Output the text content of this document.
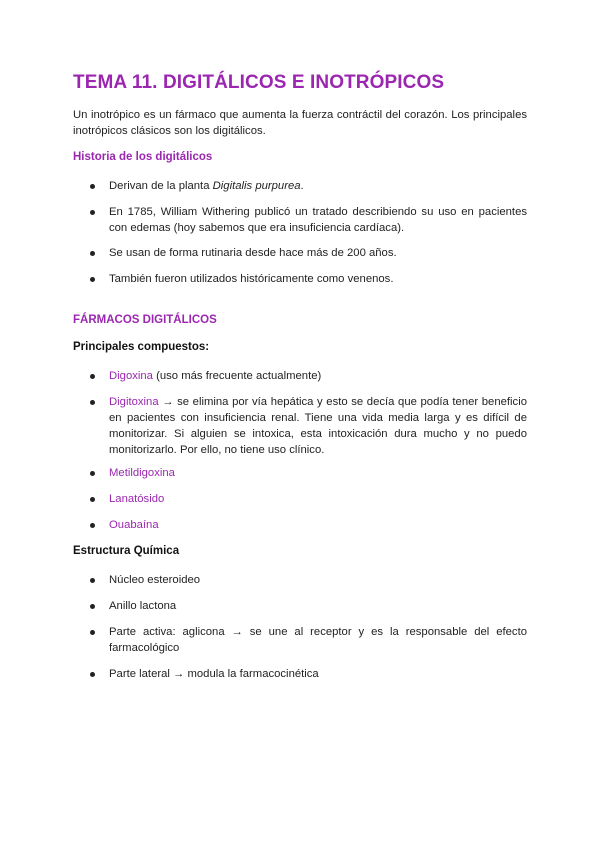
TEMA 11. DIGITÁLICOS E INOTRÓPICOS

Un inotrópico es un fármaco que aumenta la fuerza contráctil del corazón. Los principales inotrópicos clásicos son los digitálicos.

Historia de los digitálicos

Derivan de la planta Digitalis purpurea.

En 1785, William Withering publicó un tratado describiendo su uso en pacientes con edemas (hoy sabemos que era insuficiencia cardíaca).

Se usan de forma rutinaria desde hace más de 200 años.

También fueron utilizados históricamente como venenos.

FÁRMACOS DIGITÁLICOS
Principales compuestos:

Digoxina (uso más frecuente actualmente)

Digitoxina → se elimina por vía hepática y esto se decía que podía tener beneficio en pacientes con insuficiencia renal. Tiene una vida media larga y es difícil de monitorizar. Si alguien se intoxica, esta intoxicación dura mucho y no puedo monitorizarlo. Por ello, no tiene uso clínico.

Metildigoxina

Lanatósido

Ouabaína

Estructura Química

Núcleo esteroideo

Anillo lactona

Parte activa: aglicona → se une al receptor y es la responsable del efecto farmacológico

Parte lateral → modula la farmacocinética
